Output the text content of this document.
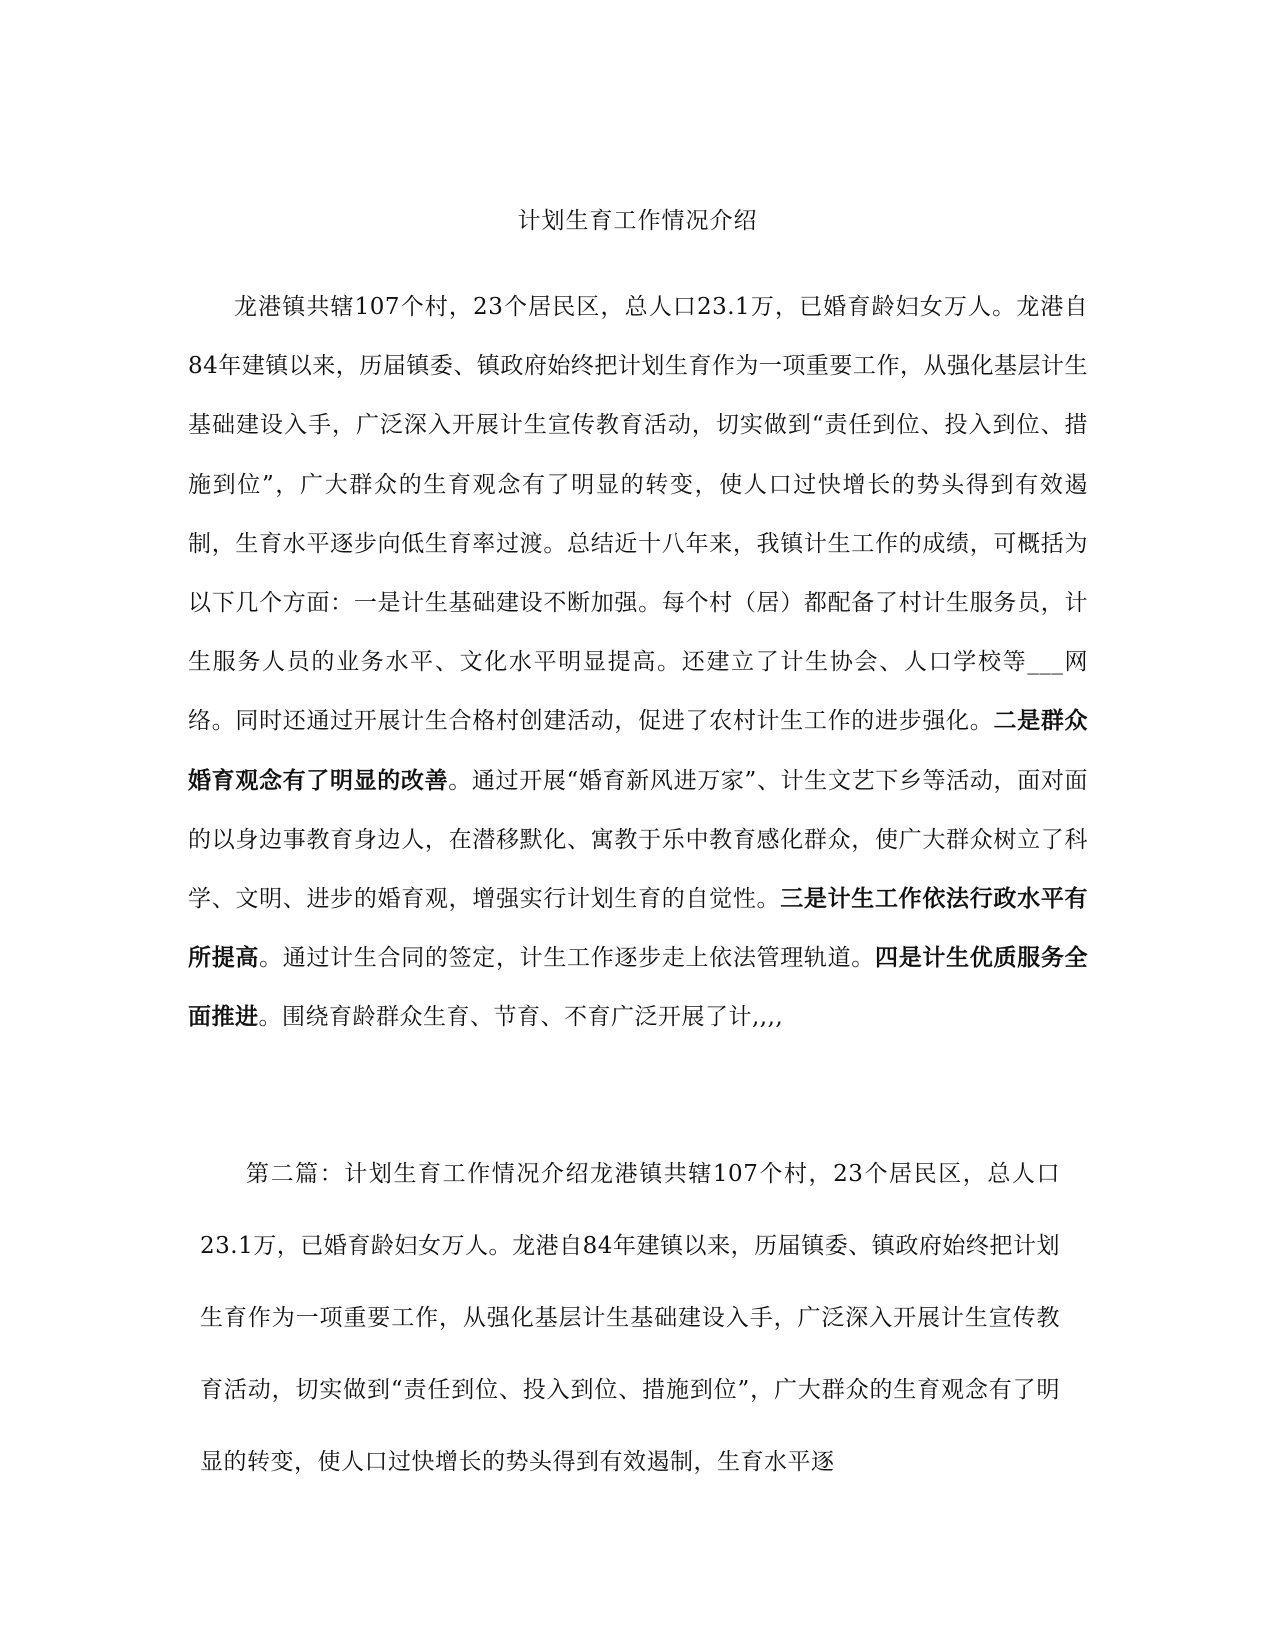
计划生育工作情况介绍

龙港镇共辖107个村，23个居民区，总人口23.1万，已婚育龄妇女万人。龙港自84年建镇以来，历届镇委、镇政府始终把计划生育作为一项重要工作，从强化基层计生基础建设入手，广泛深入开展计生宣传教育活动，切实做到“责任到位、投入到位、措施到位”，广大群众的生育观念有了明显的转变，使人口过快增长的势头得到有效遏制，生育水平逐步向低生育率过渡。总结近十八年来，我镇计生工作的成绩，可概括为以下几个方面：一是计生基础建设不断加强。每个村（居）都配备了村计生服务员，计生服务人员的业务水平、文化水平明显提高。还建立了计生协会、人口学校等___网络。同时还通过开展计生合格村创建活动，促进了农村计生工作的进步强化。二是群众婚育观念有了明显的改善。通过开展“婚育新风进万家”、计生文艺下乡等活动，面对面的以身边事教育身边人，在潜移默化、寓教于乐中教育感化群众，使广大群众树立了科学、文明、进步的婚育观，增强实行计划生育的自觉性。三是计生工作依法行政水平有所提高。通过计生合同的签定，计生工作逐步走上依法管理轨道。四是计生优质服务全面推进。围绕育龄群众生育、节育、不育广泛开展了计,,,,

第二篇：计划生育工作情况介绍龙港镇共辖107个村，23个居民区，总人口23.1万，已婚育龄妇女万人。龙港自84年建镇以来，历届镇委、镇政府始终把计划生育作为一项重要工作，从强化基层计生基础建设入手，广泛深入开展计生宣传教育活动，切实做到“责任到位、投入到位、措施到位”，广大群众的生育观念有了明显的转变，使人口过快增长的势头得到有效遏制，生育水平逐
